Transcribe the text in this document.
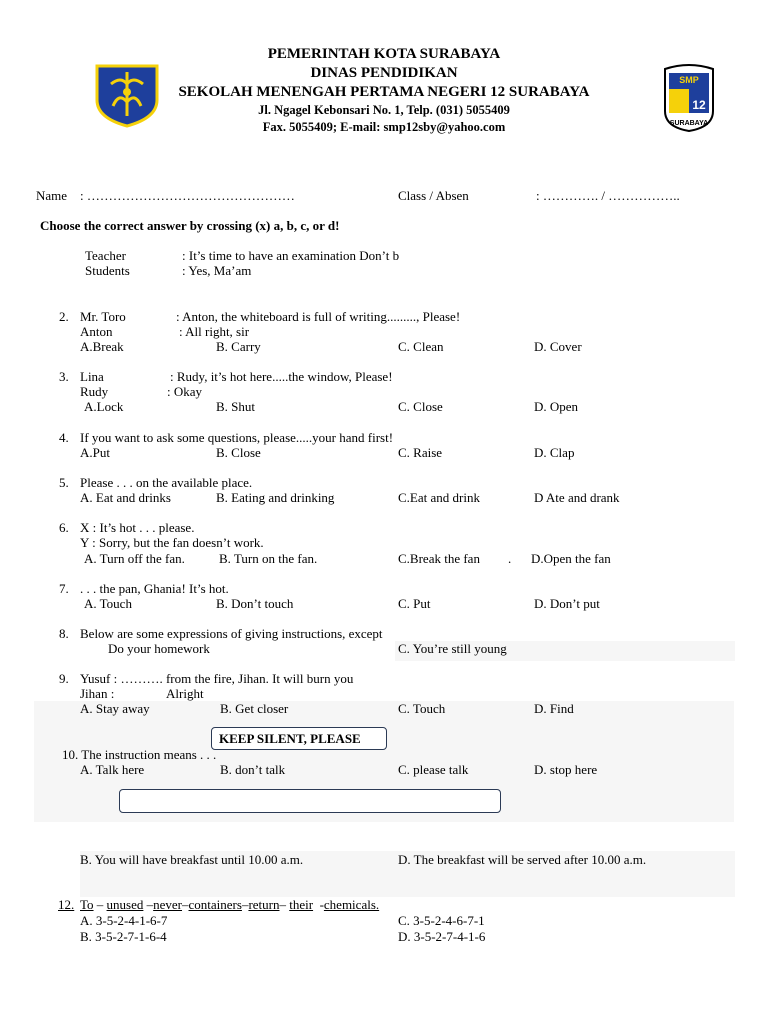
SMP
12
SURABAYA
PEMERINTAH KOTA SURABAYA
DINAS PENDIDIKAN
SEKOLAH MENENGAH PERTAMA NEGERI 12 SURABAYA
Jl. Ngagel Kebonsari No. 1, Telp. (031) 5055409
Fax. 5055409; E-mail: smp12sby@yahoo.com
Name : …………………………………………	Class / Absen	: …………. / ……………..
Choose the correct answer by crossing (x) a, b, c, or d!
Teacher	: It’s time to have an examination Don’t b
Students	: Yes, Ma’am
2. Mr. Toro	: Anton, the whiteboard is full of writing........., Please!
Anton	: All right, sir
A.Break	B. Carry	C. Clean	D. Cover
3. Lina	: Rudy, it’s hot here.....the window, Please!
Rudy	: Okay
A.Lock	B. Shut	C. Close	D. Open
4. If you want to ask some questions, please.....your hand first!
A.Put	B. Close	C. Raise	D. Clap
5. Please . . . on the available place.
A. Eat and drinks	B. Eating and drinking	C.Eat and drink	D Ate and drank
6. X : It’s hot . . . please.
Y : Sorry, but the fan doesn’t work.
A. Turn off the fan.	B. Turn on the fan.	C.Break the fan . D.Open the fan
7. . . . the pan, Ghania! It’s hot.
A. Touch	B. Don’t touch	C. Put	D. Don’t put
8. Below are some expressions of giving instructions, except
Do your homework	C. You’re still young
9. Yusuf : ………. from the fire, Jihan. It will burn you
Jihan :	Alright
A. Stay away	B. Get closer	C. Touch	D. Find
KEEP SILENT, PLEASE
10. The instruction means . . .
A. Talk here	B. don’t talk	C. please talk	D. stop here
B. You will have breakfast until 10.00 a.m.	D. The breakfast will be served after 10.00 a.m.
12. To – unused –never–containers–return– their  -chemicals.
A. 3-5-2-4-1-6-7	C. 3-5-2-4-6-7-1
B. 3-5-2-7-1-6-4	D. 3-5-2-7-4-1-6
